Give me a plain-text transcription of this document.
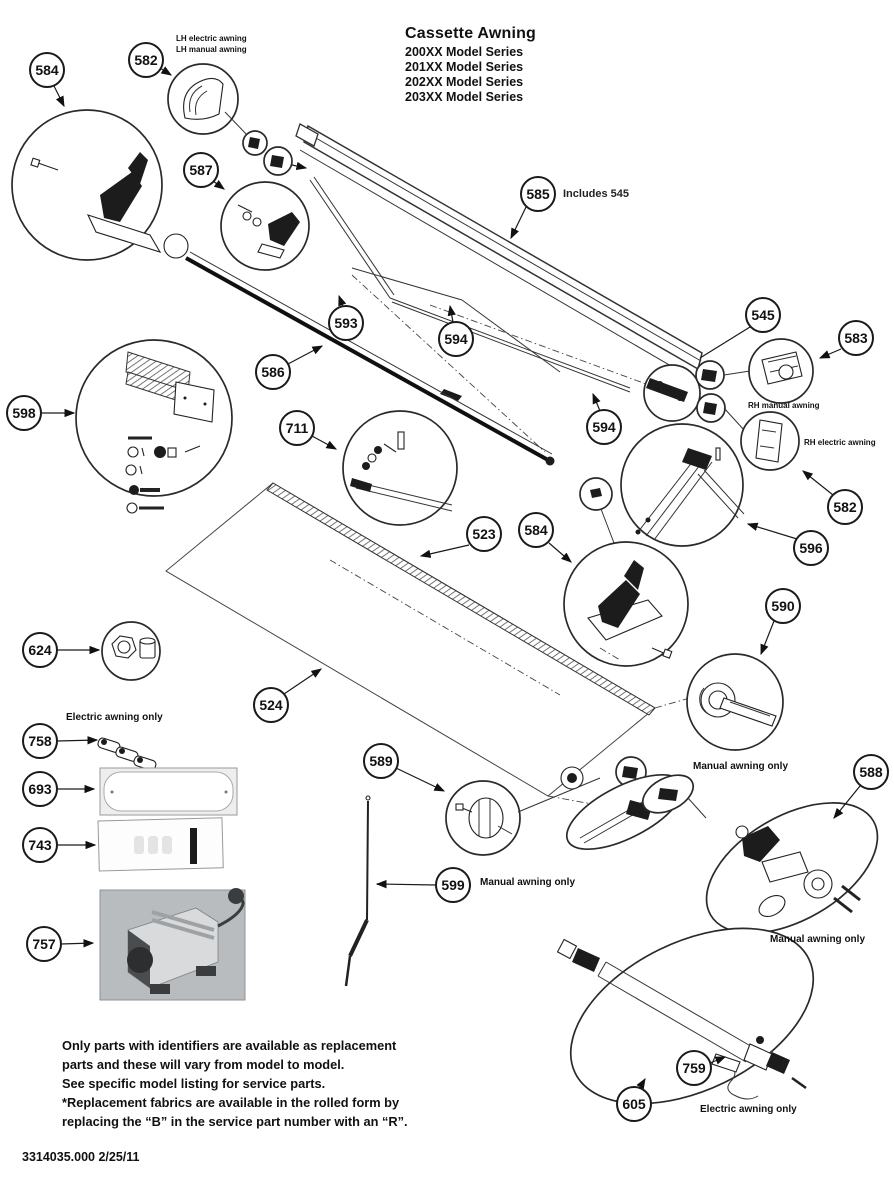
584
582
587
585
593
594
586
598
711
545
583
582
596
594
523 584
524
590
624
758
693
743
757
589
599
588
759
605
Cassette Awning
200XX Model Series
201XX Model Series
202XX Model Series
203XX Model Series
LH electric awning
LH manual awning
Includes 545
RH manual awning
RH electric awning
Electric awning only
Manual awning only
Manual awning only
Manual awning only
Electric awning only
Only parts with identifiers are available as replacement
parts and these will vary from model to model.
See specific model listing for service parts.
*Replacement fabrics are available in the rolled form by
replacing the “B” in the service part number with an “R”.
3314035.000 2/25/11
